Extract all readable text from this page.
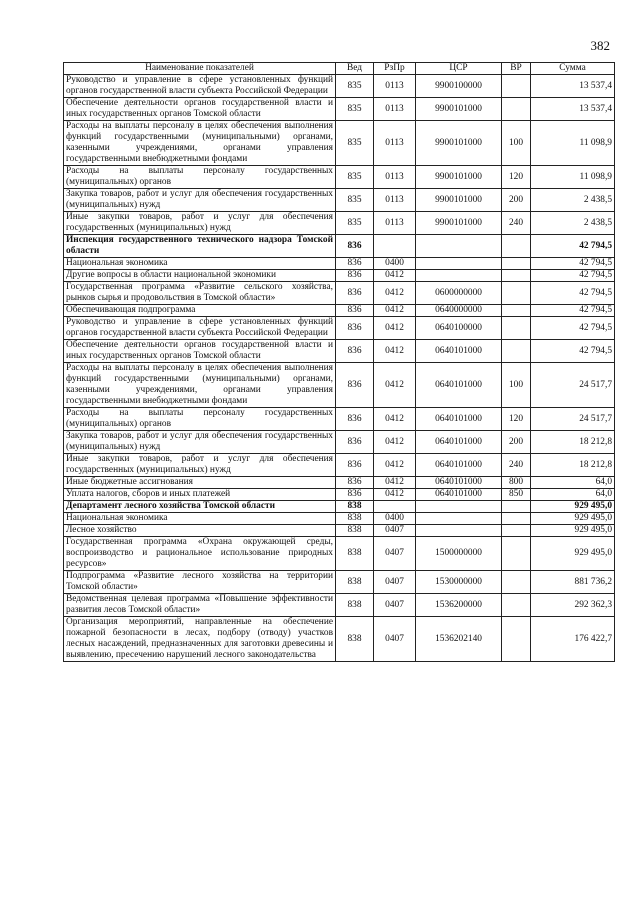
382
Наименование показателей	Вед	РзПр	ЦСР	ВР	Сумма
Руководство и управление в сфере установленных функций органов государственной власти субъекта Российской Федерации	835	0113	9900100000		13 537,4
Обеспечение деятельности органов государственной власти и иных государственных органов Томской области	835	0113	9900101000		13 537,4
Расходы на выплаты персоналу в целях обеспечения выполнения функций государственными (муниципальными) органами, казенными учреждениями, органами управления государственными внебюджетными фондами	835	0113	9900101000	100	11 098,9
Расходы на выплаты персоналу государственных (муниципальных) органов	835	0113	9900101000	120	11 098,9
Закупка товаров, работ и услуг для обеспечения государственных (муниципальных) нужд	835	0113	9900101000	200	2 438,5
Иные закупки товаров, работ и услуг для обеспечения государственных (муниципальных) нужд	835	0113	9900101000	240	2 438,5
Инспекция государственного технического надзора Томской области	836				42 794,5
Национальная экономика	836	0400			42 794,5
Другие вопросы в области национальной экономики	836	0412			42 794,5
Государственная программа «Развитие сельского хозяйства, рынков сырья и продовольствия в Томской области»	836	0412	0600000000		42 794,5
Обеспечивающая подпрограмма	836	0412	0640000000		42 794,5
Руководство и управление в сфере установленных функций органов государственной власти субъекта Российской Федерации	836	0412	0640100000		42 794,5
Обеспечение деятельности органов государственной власти и иных государственных органов Томской области	836	0412	0640101000		42 794,5
Расходы на выплаты персоналу в целях обеспечения выполнения функций государственными (муниципальными) органами, казенными учреждениями, органами управления государственными внебюджетными фондами	836	0412	0640101000	100	24 517,7
Расходы на выплаты персоналу государственных (муниципальных) органов	836	0412	0640101000	120	24 517,7
Закупка товаров, работ и услуг для обеспечения государственных (муниципальных) нужд	836	0412	0640101000	200	18 212,8
Иные закупки товаров, работ и услуг для обеспечения государственных (муниципальных) нужд	836	0412	0640101000	240	18 212,8
Иные бюджетные ассигнования	836	0412	0640101000	800	64,0
Уплата налогов, сборов и иных платежей	836	0412	0640101000	850	64,0
Департамент лесного хозяйства Томской области	838				929 495,0
Национальная экономика	838	0400			929 495,0
Лесное хозяйство	838	0407			929 495,0
Государственная программа «Охрана окружающей среды, воспроизводство и рациональное использование природных ресурсов»	838	0407	1500000000		929 495,0
Подпрограмма «Развитие лесного хозяйства на территории Томской области»	838	0407	1530000000		881 736,2
Ведомственная целевая программа «Повышение эффективности развития лесов Томской области»	838	0407	1536200000		292 362,3
Организация мероприятий, направленные на обеспечение пожарной безопасности в лесах, подбору (отводу) участков лесных насаждений, предназначенных для заготовки древесины и выявлению, пресечению нарушений лесного законодательства	838	0407	1536202140		176 422,7
